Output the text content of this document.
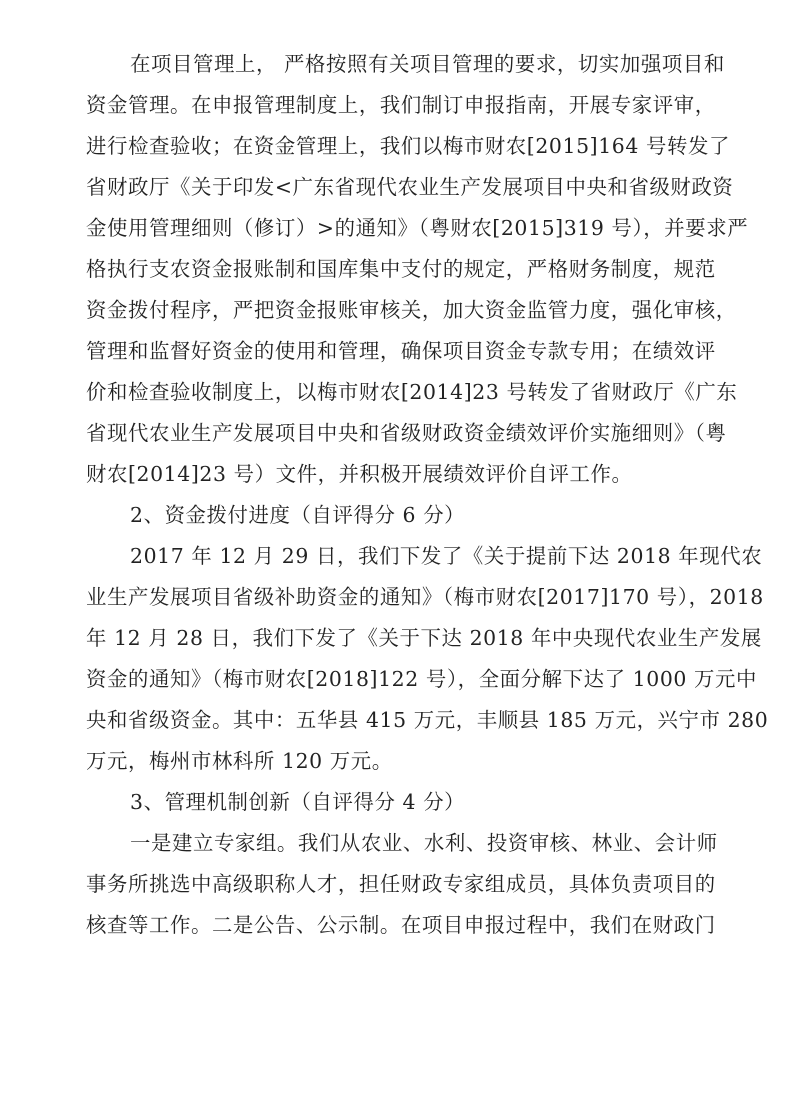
在项目管理上， 严格按照有关项目管理的要求，切实加强项目和
资金管理。在申报管理制度上，我们制订申报指南，开展专家评审，
进行检查验收；在资金管理上，我们以梅市财农[2015]164 号转发了
省财政厅《关于印发<广东省现代农业生产发展项目中央和省级财政资
金使用管理细则（修订）>的通知》（粤财农[2015]319 号），并要求严
格执行支农资金报账制和国库集中支付的规定，严格财务制度，规范
资金拨付程序，严把资金报账审核关，加大资金监管力度，强化审核，
管理和监督好资金的使用和管理，确保项目资金专款专用；在绩效评
价和检查验收制度上，以梅市财农[2014]23 号转发了省财政厅《广东
省现代农业生产发展项目中央和省级财政资金绩效评价实施细则》（粤
财农[2014]23 号）文件，并积极开展绩效评价自评工作。

2、资金拨付进度（自评得分 6 分）

2017 年 12 月 29 日，我们下发了《关于提前下达 2018 年现代农
业生产发展项目省级补助资金的通知》（梅市财农[2017]170 号），2018
年 12 月 28 日，我们下发了《关于下达 2018 年中央现代农业生产发展
资金的通知》（梅市财农[2018]122 号），全面分解下达了 1000 万元中
央和省级资金。其中：五华县 415 万元，丰顺县 185 万元，兴宁市 280
万元，梅州市林科所 120 万元。

3、管理机制创新（自评得分 4 分）

一是建立专家组。我们从农业、水利、投资审核、林业、会计师
事务所挑选中高级职称人才，担任财政专家组成员，具体负责项目的
核查等工作。二是公告、公示制。在项目申报过程中，我们在财政门
